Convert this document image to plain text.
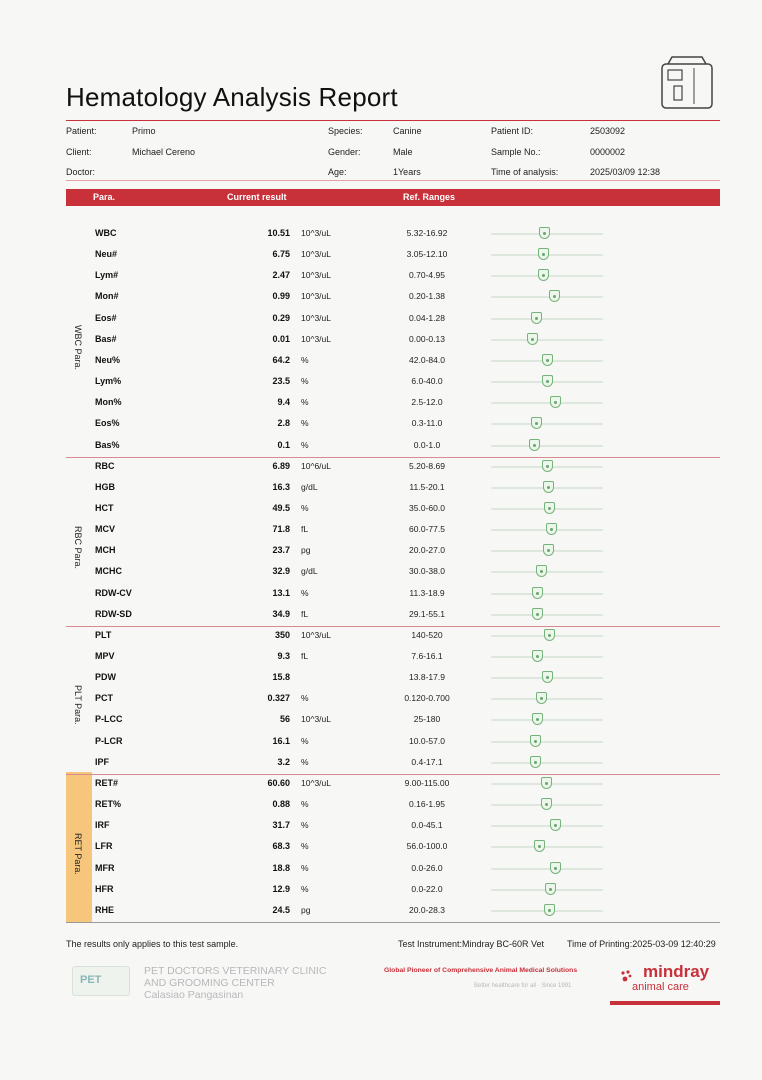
Hematology Analysis Report
Patient:	Primo
Client:	Michael Cereno
Doctor:
Species:	Canine
Gender:	Male
Age:	1Years
Patient ID:	2503092
Sample No.:	0000002
Time of analysis:	2025/03/09 12:38
Para.	Current result	Ref. Ranges
WBC	10.51 10^3/uL	5.32-16.92
Neu#	6.75 10^3/uL	3.05-12.10
Lym#	2.47 10^3/uL	0.70-4.95
Mon#	0.99 10^3/uL	0.20-1.38
Eos#	0.29 10^3/uL	0.04-1.28
Bas#	0.01 10^3/uL	0.00-0.13
Neu%	64.2 %	42.0-84.0
Lym%	23.5 %	6.0-40.0
Mon%	9.4 %	2.5-12.0
Eos%	2.8 %	0.3-11.0
Bas%	0.1 %	0.0-1.0
WBC Para.
RBC	6.89 10^6/uL	5.20-8.69
HGB	16.3 g/dL	11.5-20.1
HCT	49.5 %	35.0-60.0
MCV	71.8 fL	60.0-77.5
MCH	23.7 pg	20.0-27.0
MCHC	32.9 g/dL	30.0-38.0
RDW-CV	13.1 %	11.3-18.9
RDW-SD	34.9 fL	29.1-55.1
RBC Para.
PLT	350 10^3/uL	140-520
MPV	9.3 fL	7.6-16.1
PDW	15.8	13.8-17.9
PCT	0.327 %	0.120-0.700
P-LCC	56 10^3/uL	25-180
P-LCR	16.1 %	10.0-57.0
IPF	3.2 %	0.4-17.1
PLT Para.
RET#	60.60 10^3/uL	9.00-115.00
RET%	0.88 %	0.16-1.95
IRF	31.7 %	0.0-45.1
LFR	68.3 %	56.0-100.0
MFR	18.8 %	0.0-26.0
HFR	12.9 %	0.0-22.0
RHE	24.5 pg	20.0-28.3
RET Para.
The results only applies to this test sample.	Test Instrument:Mindray BC-60R Vet	Time of Printing:2025-03-09 12:40:29
PET
PET DOCTORS VETERINARY CLINIC
AND GROOMING CENTER
Calasiao Pangasinan
Global Pioneer of Comprehensive Animal Medical Solutions
Better healthcare for all · Since 1991
mindray
animal care
